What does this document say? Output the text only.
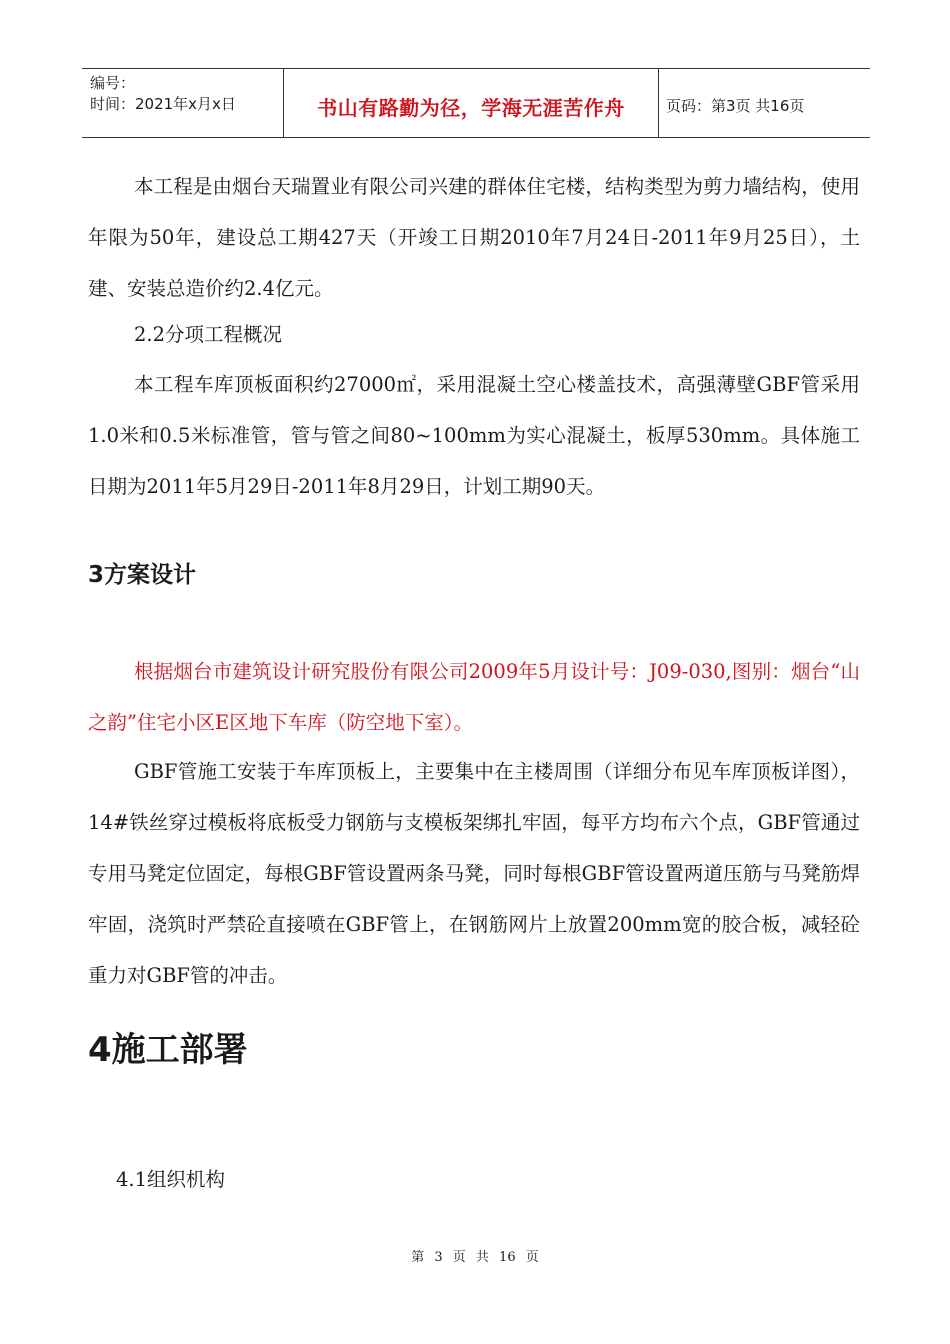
编号：
时间：2021年x月x日	书山有路勤为径，学海无涯苦作舟	页码：第3页 共16页

本工程是由烟台天瑞置业有限公司兴建的群体住宅楼，结构类型为剪力墙结构，使用年限为50年，建设总工期427天（开竣工日期2010年7月24日-2011年9月25日），土建、安装总造价约2.4亿元。

2.2分项工程概况

本工程车库顶板面积约27000㎡，采用混凝土空心楼盖技术，高强薄壁GBF管采用1.0米和0.5米标准管，管与管之间80~100mm为实心混凝土，板厚530mm。具体施工日期为2011年5月29日-2011年8月29日，计划工期90天。

3方案设计

根据烟台市建筑设计研究股份有限公司2009年5月设计号：J09-030,图别：烟台“山之韵”住宅小区E区地下车库（防空地下室）。

GBF管施工安装于车库顶板上，主要集中在主楼周围（详细分布见车库顶板详图），14#铁丝穿过模板将底板受力钢筋与支模板架绑扎牢固，每平方均布六个点，GBF管通过专用马凳定位固定，每根GBF管设置两条马凳，同时每根GBF管设置两道压筋与马凳筋焊牢固，浇筑时严禁砼直接喷在GBF管上，在钢筋网片上放置200mm宽的胶合板，减轻砼重力对GBF管的冲击。

4施工部署

4.1组织机构

第 3 页 共 16 页
